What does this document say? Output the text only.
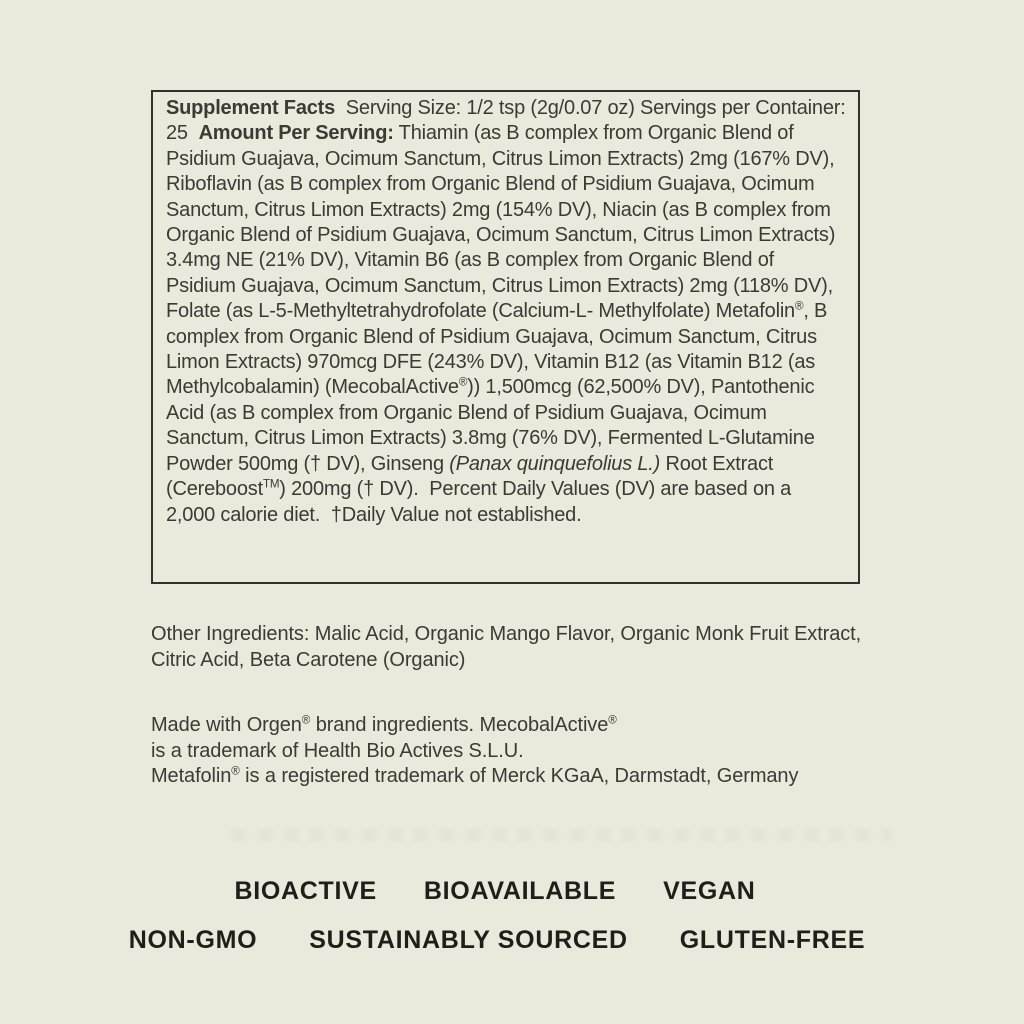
Supplement Facts  Serving Size: 1/2 tsp (2g/0.07 oz) Servings per Container: 25  Amount Per Serving: Thiamin (as B complex from Organic Blend of Psidium Guajava, Ocimum Sanctum, Citrus Limon Extracts) 2mg (167% DV), Riboflavin (as B complex from Organic Blend of Psidium Guajava, Ocimum Sanctum, Citrus Limon Extracts) 2mg (154% DV), Niacin (as B complex from Organic Blend of Psidium Guajava, Ocimum Sanctum, Citrus Limon Extracts) 3.4mg NE (21% DV), Vitamin B6 (as B complex from Organic Blend of Psidium Guajava, Ocimum Sanctum, Citrus Limon Extracts) 2mg (118% DV), Folate (as L-5-Methyltetrahydrofolate (Calcium-L- Methylfolate) Metafolin®, B complex from Organic Blend of Psidium Guajava, Ocimum Sanctum, Citrus Limon Extracts) 970mcg DFE (243% DV), Vitamin B12 (as Vitamin B12 (as Methylcobalamin) (MecobalActive®)) 1,500mcg (62,500% DV), Pantothenic Acid (as B complex from Organic Blend of Psidium Guajava, Ocimum Sanctum, Citrus Limon Extracts) 3.8mg (76% DV), Fermented L-Glutamine Powder 500mg († DV), Ginseng (Panax quinquefolius L.) Root Extract (Cereboost™) 200mg († DV).  Percent Daily Values (DV) are based on a  2,000 calorie diet.  †Daily Value not established.

Other Ingredients: Malic Acid, Organic Mango Flavor, Organic Monk Fruit Extract, Citric Acid, Beta Carotene (Organic)

Made with Orgen® brand ingredients. MecobalActive®

is a trademark of Health Bio Actives S.L.U.

Metafolin® is a registered trademark of Merck KGaA, Darmstadt, Germany

BIOACTIVE BIOAVAILABLE VEGAN
NON-GMO SUSTAINABLY SOURCED GLUTEN-FREE
